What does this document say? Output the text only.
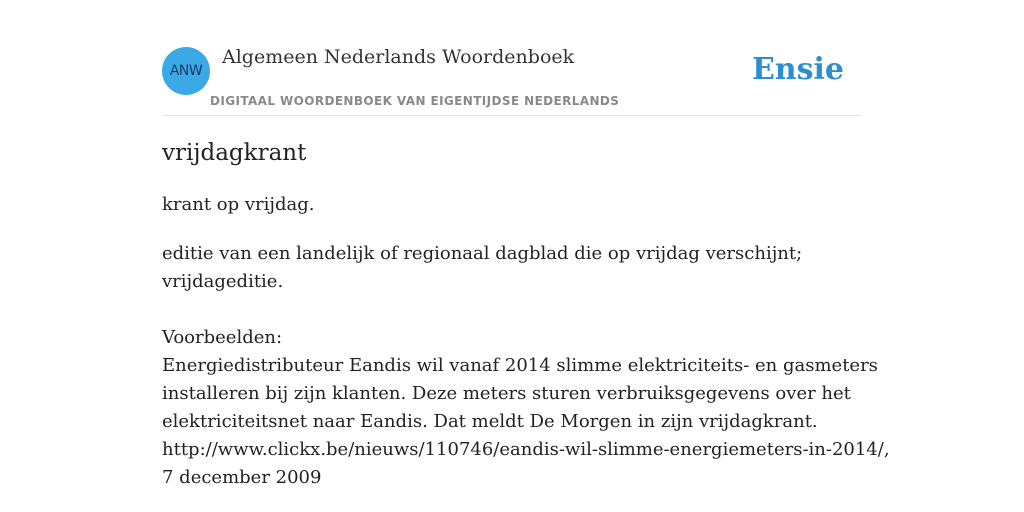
ANW
Algemeen Nederlands Woordenboek
DIGITAAL WOORDENBOEK VAN EIGENTIJDSE NEDERLANDS
Ensie
vrijdagkrant
krant op vrijdag.

editie van een landelijk of regionaal dagblad die op vrijdag verschijnt;

vrijdageditie.

Voorbeelden:

Energiedistributeur Eandis wil vanaf 2014 slimme elektriciteits- en gasmeters

installeren bij zijn klanten. Deze meters sturen verbruiksgegevens over het

elektriciteitsnet naar Eandis. Dat meldt De Morgen in zijn vrijdagkrant.

http://www.clickx.be/nieuws/110746/eandis-wil-slimme-energiemeters-in-2014/,

7 december 2009
